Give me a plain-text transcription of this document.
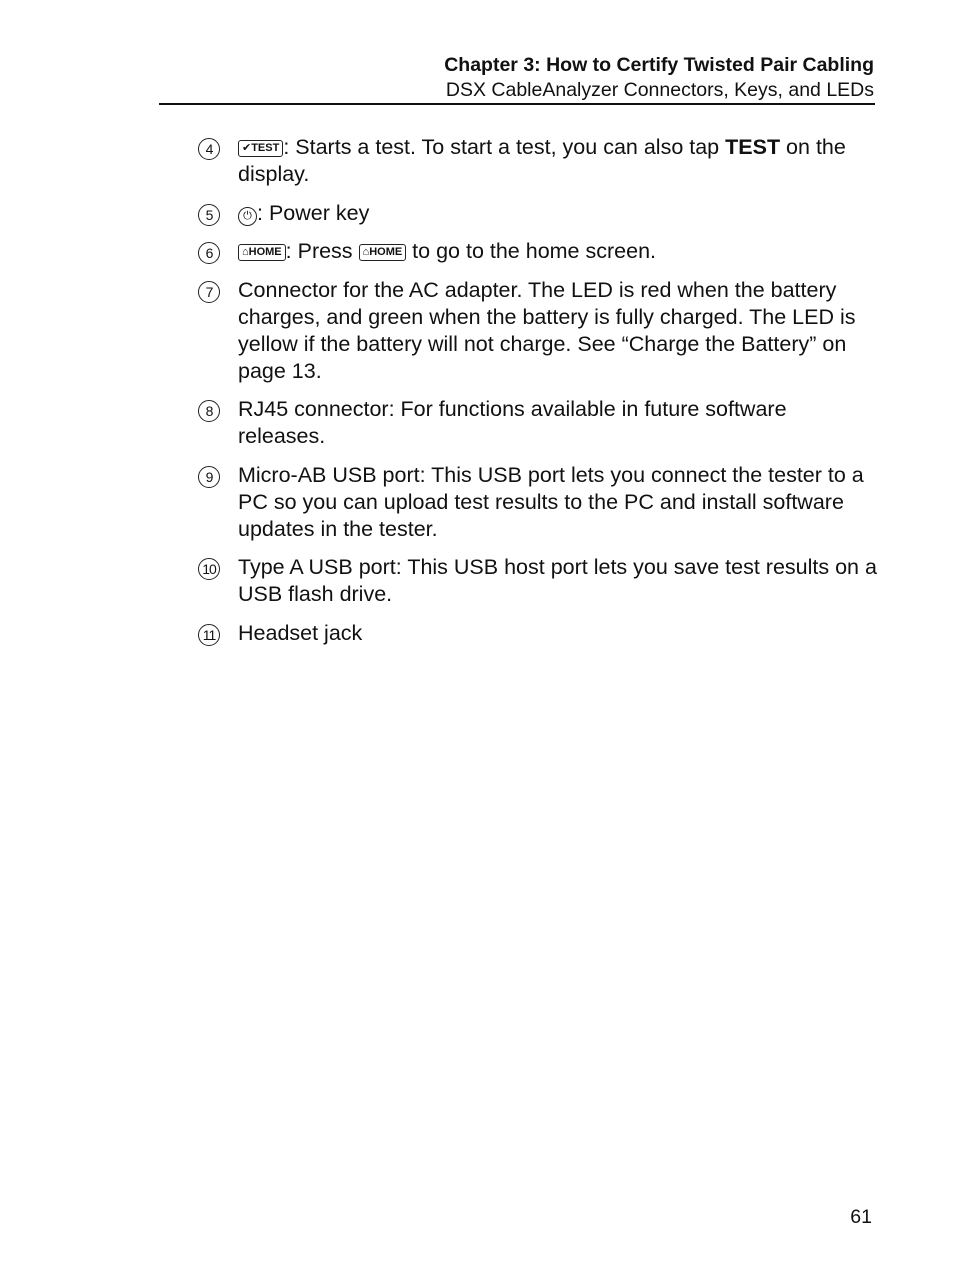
Chapter 3: How to Certify Twisted Pair Cabling
DSX CableAnalyzer Connectors, Keys, and LEDs
4	✔TEST : Starts a test. To start a test, you can also tap TEST on the display.
5	⏻ : Power key
6	⌂HOME : Press ⌂HOME to go to the home screen.
7	Connector for the AC adapter. The LED is red when the battery charges, and green when the battery is fully charged. The LED is yellow if the battery will not charge. See “Charge the Battery” on page 13.
8	RJ45 connector: For functions available in future software releases.
9	Micro-AB USB port: This USB port lets you connect the tester to a PC so you can upload test results to the PC and install software updates in the tester.
10 Type A USB port: This USB host port lets you save test results on a USB flash drive.
11 Headset jack
61
